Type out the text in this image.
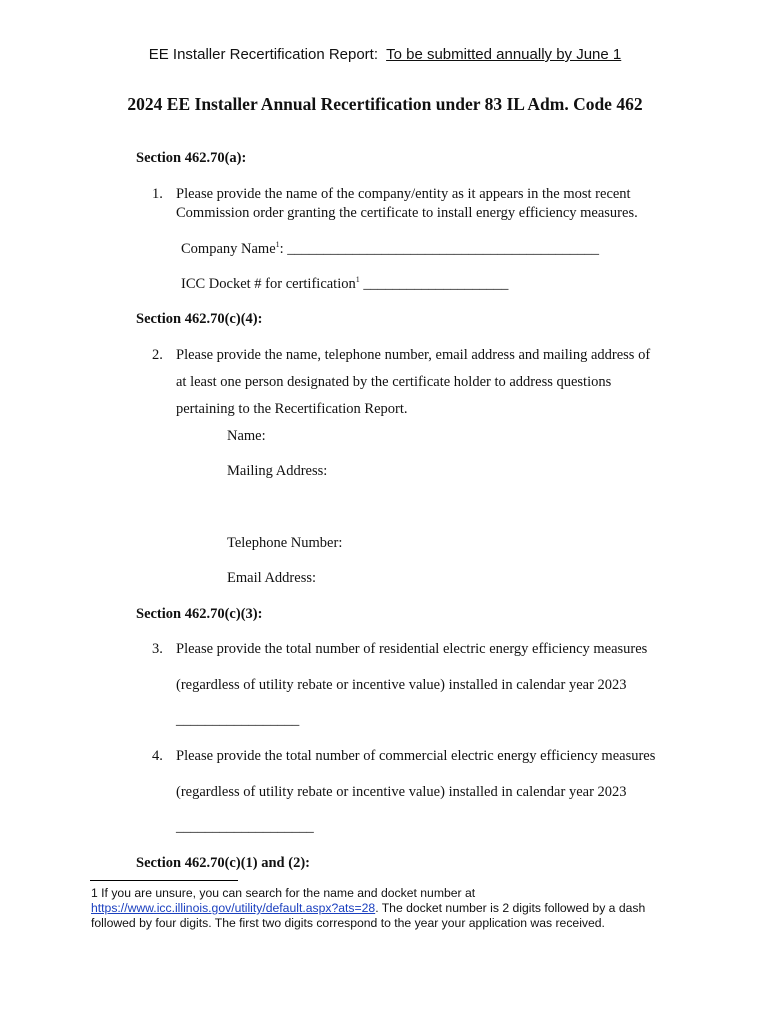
EE Installer Recertification Report: To be submitted annually by June 1
2024 EE Installer Annual Recertification under 83 IL Adm. Code 462
Section 462.70(a):
1. Please provide the name of the company/entity as it appears in the most recent
Commission order granting the certificate to install energy efficiency measures.
Company Name$^1$: ___________________________________________
ICC Docket # for certification$^1$ ____________________
Section 462.70(c)(4):
2. Please provide the name, telephone number, email address and mailing address of
at least one person designated by the certificate holder to address questions
pertaining to the Recertification Report.
Name:
Mailing Address:
Telephone Number:
Email Address:
Section 462.70(c)(3):
3. Please provide the total number of residential electric energy efficiency measures
(regardless of utility rebate or incentive value) installed in calendar year 2023
_________________
4. Please provide the total number of commercial electric energy efficiency measures
(regardless of utility rebate or incentive value) installed in calendar year 2023
___________________
Section 462.70(c)(1) and (2):
1 If you are unsure, you can search for the name and docket number at
https://www.icc.illinois.gov/utility/default.aspx?ats=28. The docket number is 2 digits followed by a dash
followed by four digits. The first two digits correspond to the year your application was received.
